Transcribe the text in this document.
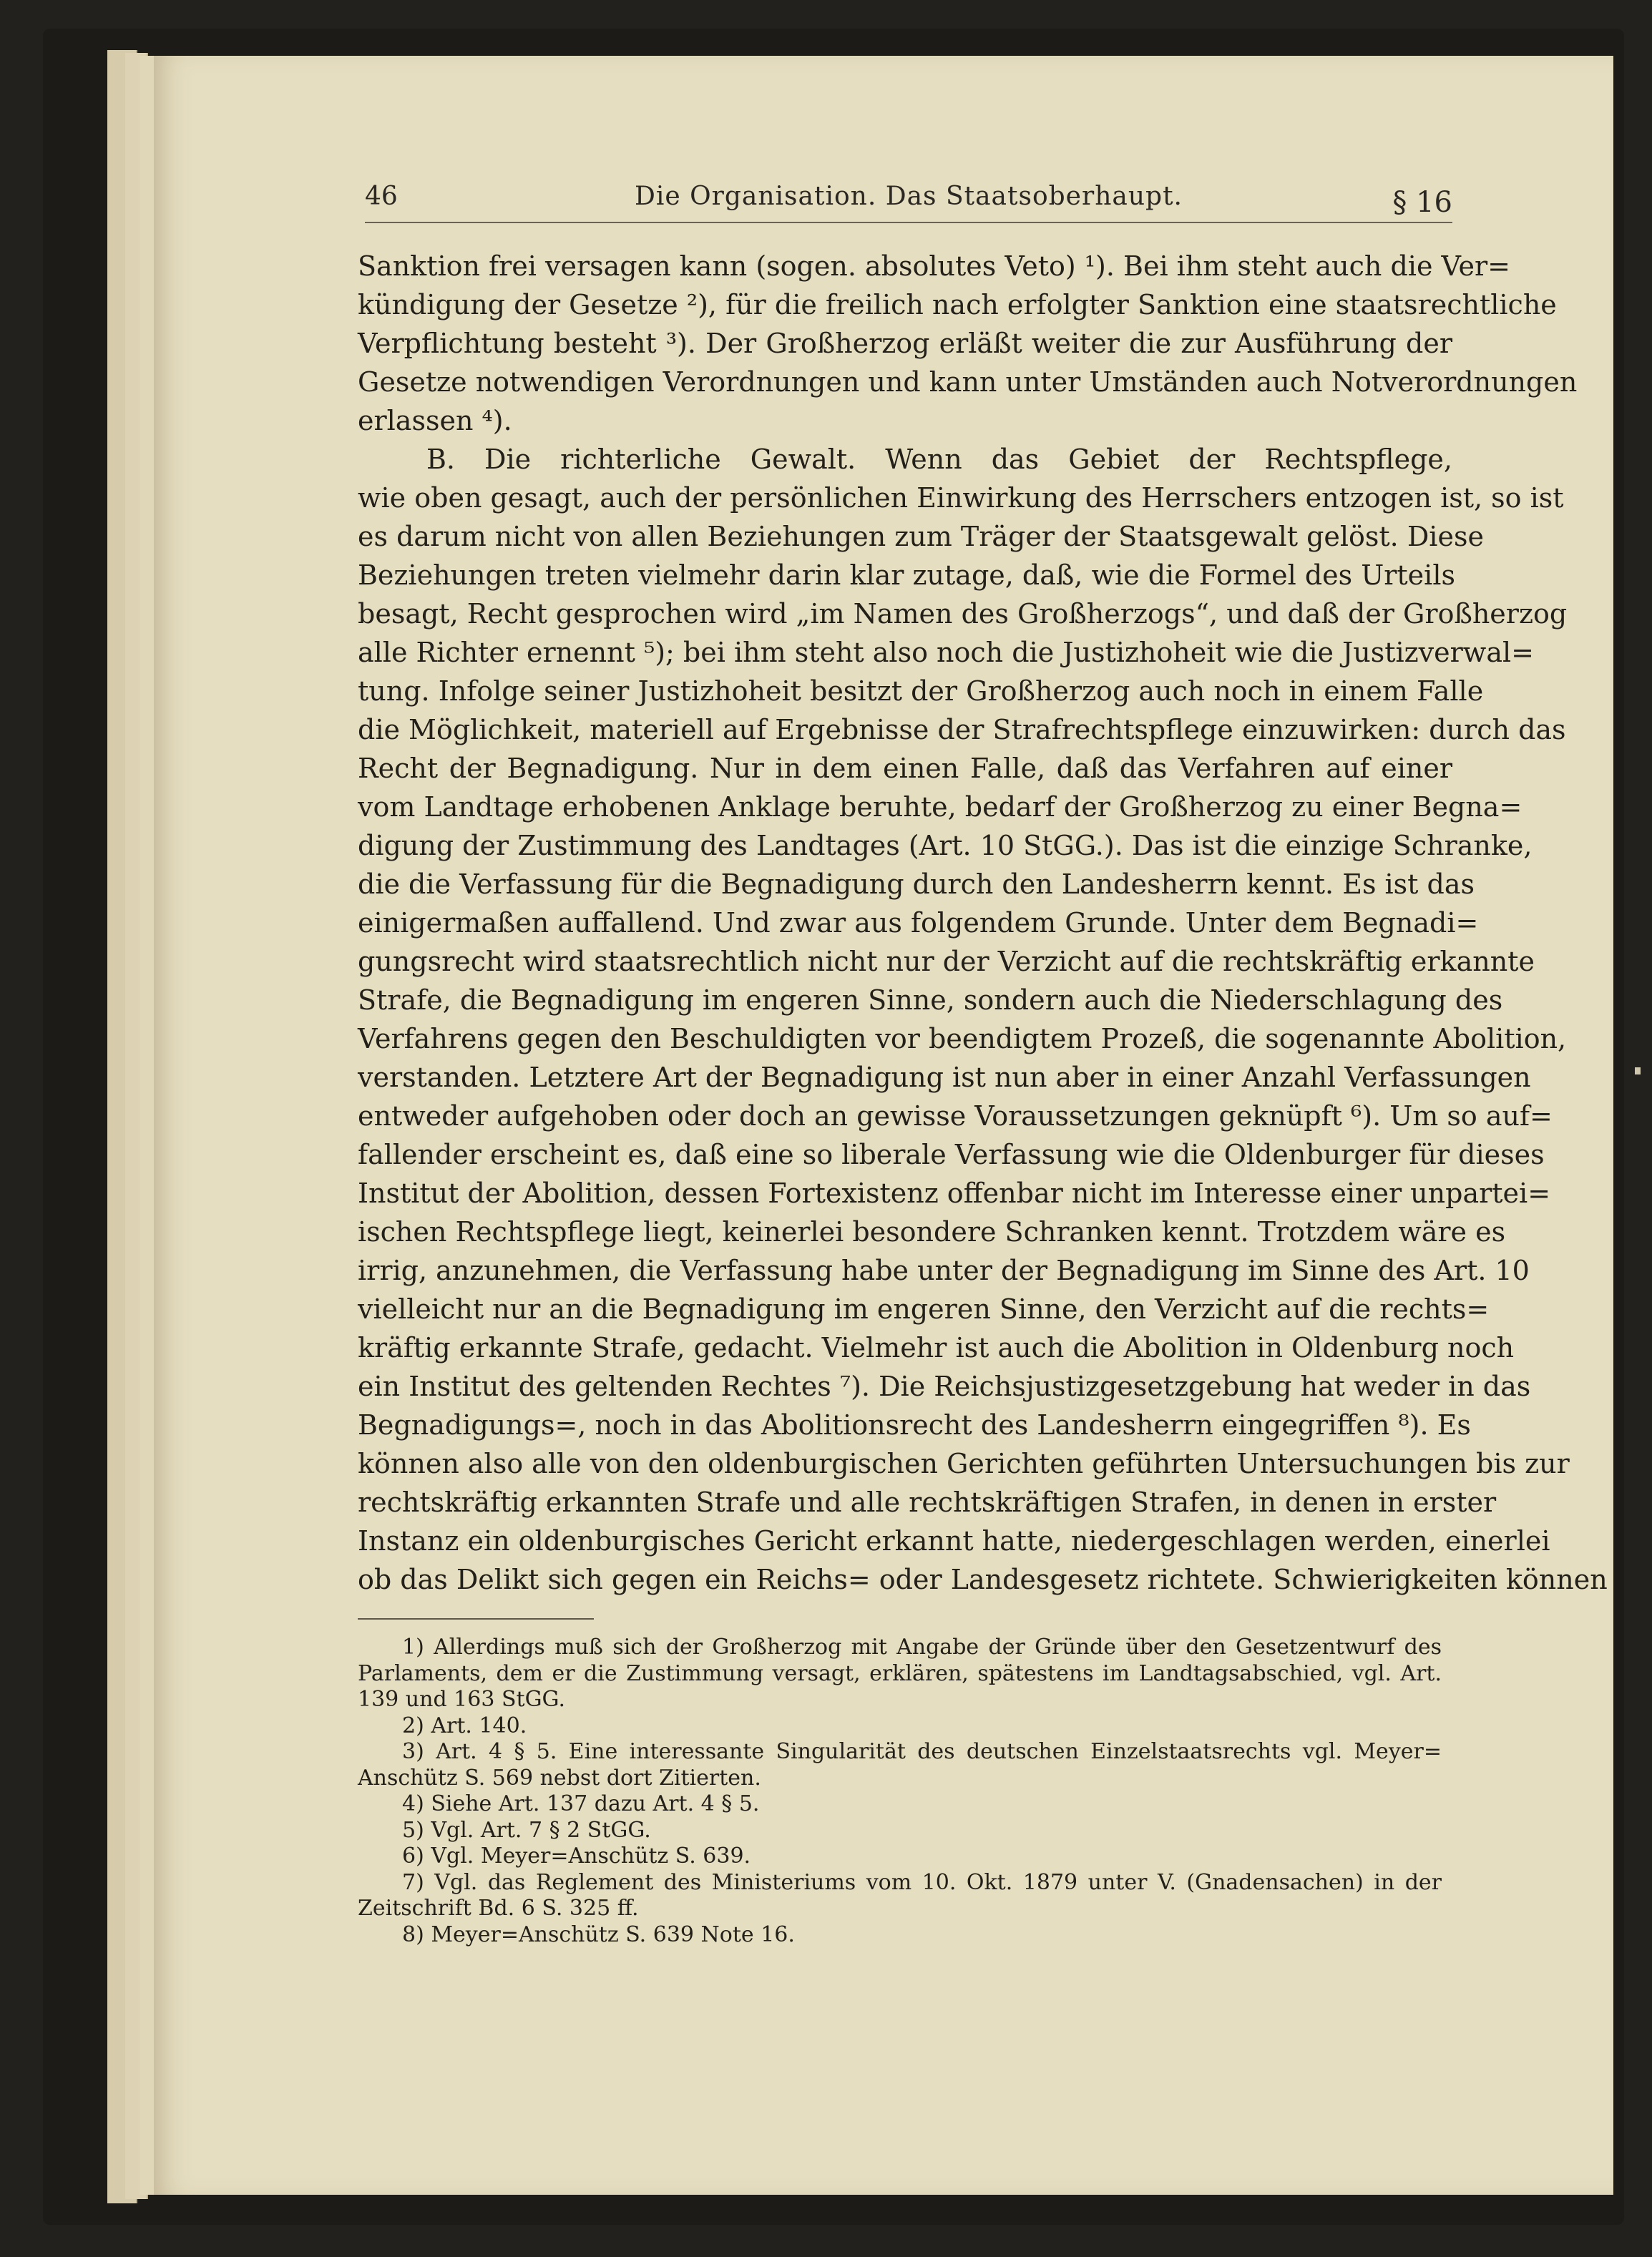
46	Die Organisation. Das Staatsoberhaupt.	§ 16
Sanktion frei versagen kann (sogen. absolutes Veto) ¹). Bei ihm steht auch die Ver=
kündigung der Gesetze ²), für die freilich nach erfolgter Sanktion eine staatsrechtliche
Verpflichtung besteht ³). Der Großherzog erläßt weiter die zur Ausführung der
Gesetze notwendigen Verordnungen und kann unter Umständen auch Notverordnungen
erlassen ⁴).
B. Die richterliche Gewalt. Wenn das Gebiet der Rechtspflege,
wie oben gesagt, auch der persönlichen Einwirkung des Herrschers entzogen ist, so ist
es darum nicht von allen Beziehungen zum Träger der Staatsgewalt gelöst. Diese
Beziehungen treten vielmehr darin klar zutage, daß, wie die Formel des Urteils
besagt, Recht gesprochen wird „im Namen des Großherzogs“, und daß der Großherzog
alle Richter ernennt ⁵); bei ihm steht also noch die Justizhoheit wie die Justizverwal=
tung. Infolge seiner Justizhoheit besitzt der Großherzog auch noch in einem Falle
die Möglichkeit, materiell auf Ergebnisse der Strafrechtspflege einzuwirken: durch das
Recht der Begnadigung. Nur in dem einen Falle, daß das Verfahren auf einer
vom Landtage erhobenen Anklage beruhte, bedarf der Großherzog zu einer Begna=
digung der Zustimmung des Landtages (Art. 10 StGG.). Das ist die einzige Schranke,
die die Verfassung für die Begnadigung durch den Landesherrn kennt. Es ist das
einigermaßen auffallend. Und zwar aus folgendem Grunde. Unter dem Begnadi=
gungsrecht wird staatsrechtlich nicht nur der Verzicht auf die rechtskräftig erkannte
Strafe, die Begnadigung im engeren Sinne, sondern auch die Niederschlagung des
Verfahrens gegen den Beschuldigten vor beendigtem Prozeß, die sogenannte Abolition,
verstanden. Letztere Art der Begnadigung ist nun aber in einer Anzahl Verfassungen
entweder aufgehoben oder doch an gewisse Voraussetzungen geknüpft ⁶). Um so auf=
fallender erscheint es, daß eine so liberale Verfassung wie die Oldenburger für dieses
Institut der Abolition, dessen Fortexistenz offenbar nicht im Interesse einer unpartei=
ischen Rechtspflege liegt, keinerlei besondere Schranken kennt. Trotzdem wäre es
irrig, anzunehmen, die Verfassung habe unter der Begnadigung im Sinne des Art. 10
vielleicht nur an die Begnadigung im engeren Sinne, den Verzicht auf die rechts=
kräftig erkannte Strafe, gedacht. Vielmehr ist auch die Abolition in Oldenburg noch
ein Institut des geltenden Rechtes ⁷). Die Reichsjustizgesetzgebung hat weder in das
Begnadigungs=, noch in das Abolitionsrecht des Landesherrn eingegriffen ⁸). Es
können also alle von den oldenburgischen Gerichten geführten Untersuchungen bis zur
rechtskräftig erkannten Strafe und alle rechtskräftigen Strafen, in denen in erster
Instanz ein oldenburgisches Gericht erkannt hatte, niedergeschlagen werden, einerlei
ob das Delikt sich gegen ein Reichs= oder Landesgesetz richtete. Schwierigkeiten können
1) Allerdings muß sich der Großherzog mit Angabe der Gründe über den Gesetzentwurf des
Parlaments, dem er die Zustimmung versagt, erklären, spätestens im Landtagsabschied, vgl. Art.
139 und 163 StGG.
2) Art. 140.
3) Art. 4 § 5. Eine interessante Singularität des deutschen Einzelstaatsrechts vgl. Meyer=
Anschütz S. 569 nebst dort Zitierten.
4) Siehe Art. 137 dazu Art. 4 § 5.
5) Vgl. Art. 7 § 2 StGG.
6) Vgl. Meyer=Anschütz S. 639.
7) Vgl. das Reglement des Ministeriums vom 10. Okt. 1879 unter V. (Gnadensachen) in der
Zeitschrift Bd. 6 S. 325 ff.
8) Meyer=Anschütz S. 639 Note 16.
